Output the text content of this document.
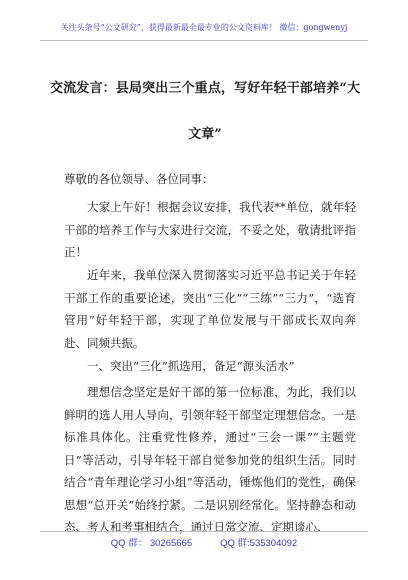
关注头条号“公文研究”，获得最新最全最专业的公文资料库！ 微信：gongwenyj
交流发言：县局突出三个重点，写好年轻干部培养“大文章”
尊敬的各位领导、各位同事：
大家上午好！根据会议安排，我代表**单位，就年轻干部的培养工作与大家进行交流，不妥之处，敬请批评指正！
近年来，我单位深入贯彻落实习近平总书记关于年轻干部工作的重要论述，突出“三化”“三练”“三力”，“选育管用”好年轻干部，实现了单位发展与干部成长双向奔赴、同频共振。
一、突出“三化”抓选用，备足“源头活水”
理想信念坚定是好干部的第一位标准，为此，我们以鲜明的选人用人导向，引领年轻干部坚定理想信念。一是标准具体化。注重党性修养，通过“三会一课”“主题党日”等活动，引导年轻干部自觉参加党的组织生活。同时结合“青年理论学习小组”等活动，锤炼他们的党性，确保思想“总开关”始终拧紧。二是识别经常化。坚持静态和动态、考人和考事相结合，通过日常交流、定期谈心、
QQ 群： 30265665	QQ 群:535304092
